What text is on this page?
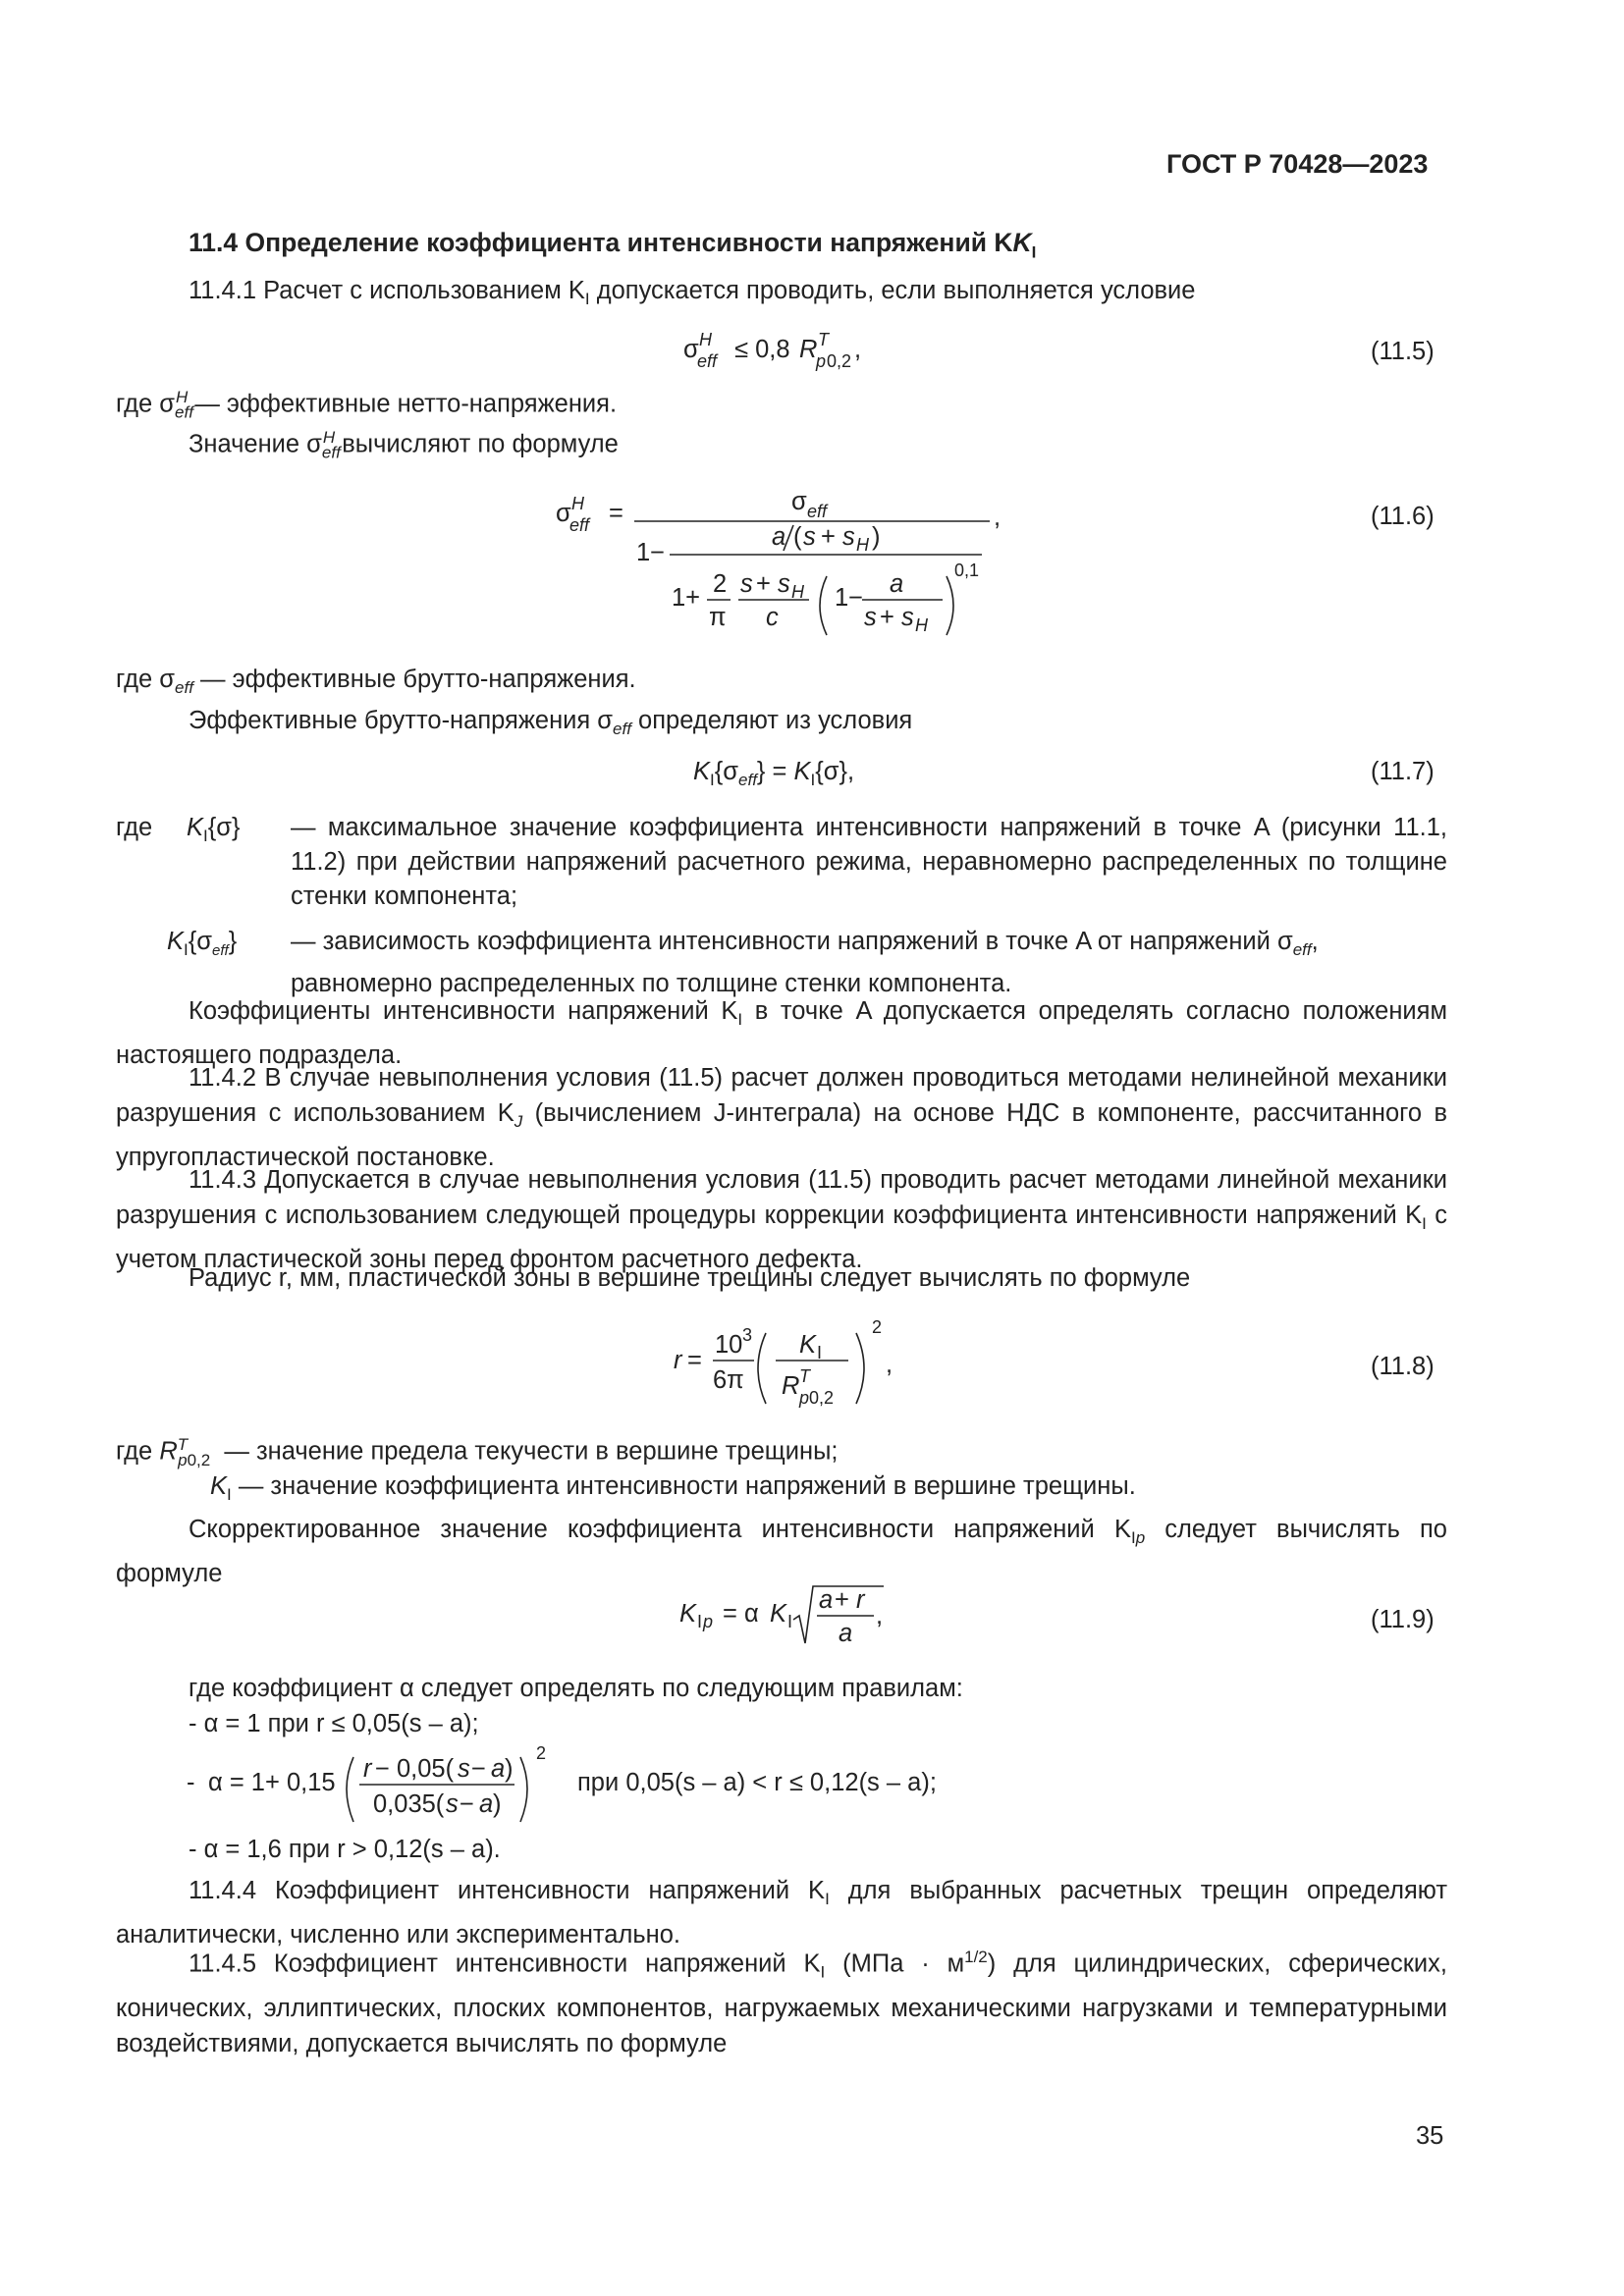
ГОСТ Р 70428—2023
11.4 Определение коэффициента интенсивности напряжений $KK_I$
11.4.1 Расчет с использованием $K_I$ допускается проводить, если выполняется условие
σ H
eff ≤ 0,8 R T
p 0,2 ,	(11.5)
где $\sigma_{eff}^H$ — эффективные нетто-напряжения.
Значение $\sigma_{eff}^H$ вычисляют по формуле
σ H
eff =	σ eff	,
1−
a ( s + s H )
0,1
1+ 2
π
s + s H
c
1− a
s + s H
(11.6)
где $\sigma_{eff}$ — эффективные брутто-напряжения.
Эффективные брутто-напряжения $\sigma_{eff}$ определяют из условия
$K_I\{\sigma_{eff}\} = K_I\{\sigma\}$,	(11.7)
где $K_I\{\sigma\}$ — максимальное значение коэффициента интенсивности напряжений в точке A (рисунки 11.1, 11.2) при действии напряжений расчетного режима, неравномерно распределенных по толщине стенки компонента;
$K_I\{\sigma_{eff}\}$ — зависимость коэффициента интенсивности напряжений в точке A от напряжений $\sigma_{eff}$,
равномерно распределенных по толщине стенки компонента.
Коэффициенты интенсивности напряжений $K_I$ в точке A допускается определять согласно положениям настоящего подраздела.
11.4.2 В случае невыполнения условия (11.5) расчет должен проводиться методами нелинейной механики разрушения с использованием $K_J$ (вычислением J-интеграла) на основе НДС в компоненте, рассчитанного в упругопластической постановке.
11.4.3 Допускается в случае невыполнения условия (11.5) проводить расчет методами линейной механики разрушения с использованием следующей процедуры коррекции коэффициента интенсивности напряжений $K_I$ с учетом пластической зоны перед фронтом расчетного дефекта.
Радиус r, мм, пластической зоны в вершине трещины следует вычислять по формуле
r =
10 3
6π
K I
R T
p 0,2
2
,	(11.8)
где $R^T_{p0,2}$ — значение предела текучести в вершине трещины;
$K_I$ — значение коэффициента интенсивности напряжений в вершине трещины.
Скорректированное значение коэффициента интенсивности напряжений $K_{Ip}$ следует вычислять по формуле
K I p = α K I
a + r
a
,	(11.9)
где коэффициент α следует определять по следующим правилам:
- α = 1 при r ≤ 0,05(s – a);
- α = 1+ 0,15 r − 0,05( s − a )
0,035( s − a )
2
при 0,05(s – a) < r ≤ 0,12(s – a);
- α = 1,6 при r > 0,12(s – a).
11.4.4 Коэффициент интенсивности напряжений $K_I$ для выбранных расчетных трещин определяют аналитически, численно или экспериментально.
11.4.5 Коэффициент интенсивности напряжений $K_I$ $(МПа \cdot м^{1/2})$ для цилиндрических, сферических, конических, эллиптических, плоских компонентов, нагружаемых механическими нагрузками и температурными воздействиями, допускается вычислять по формуле
35
